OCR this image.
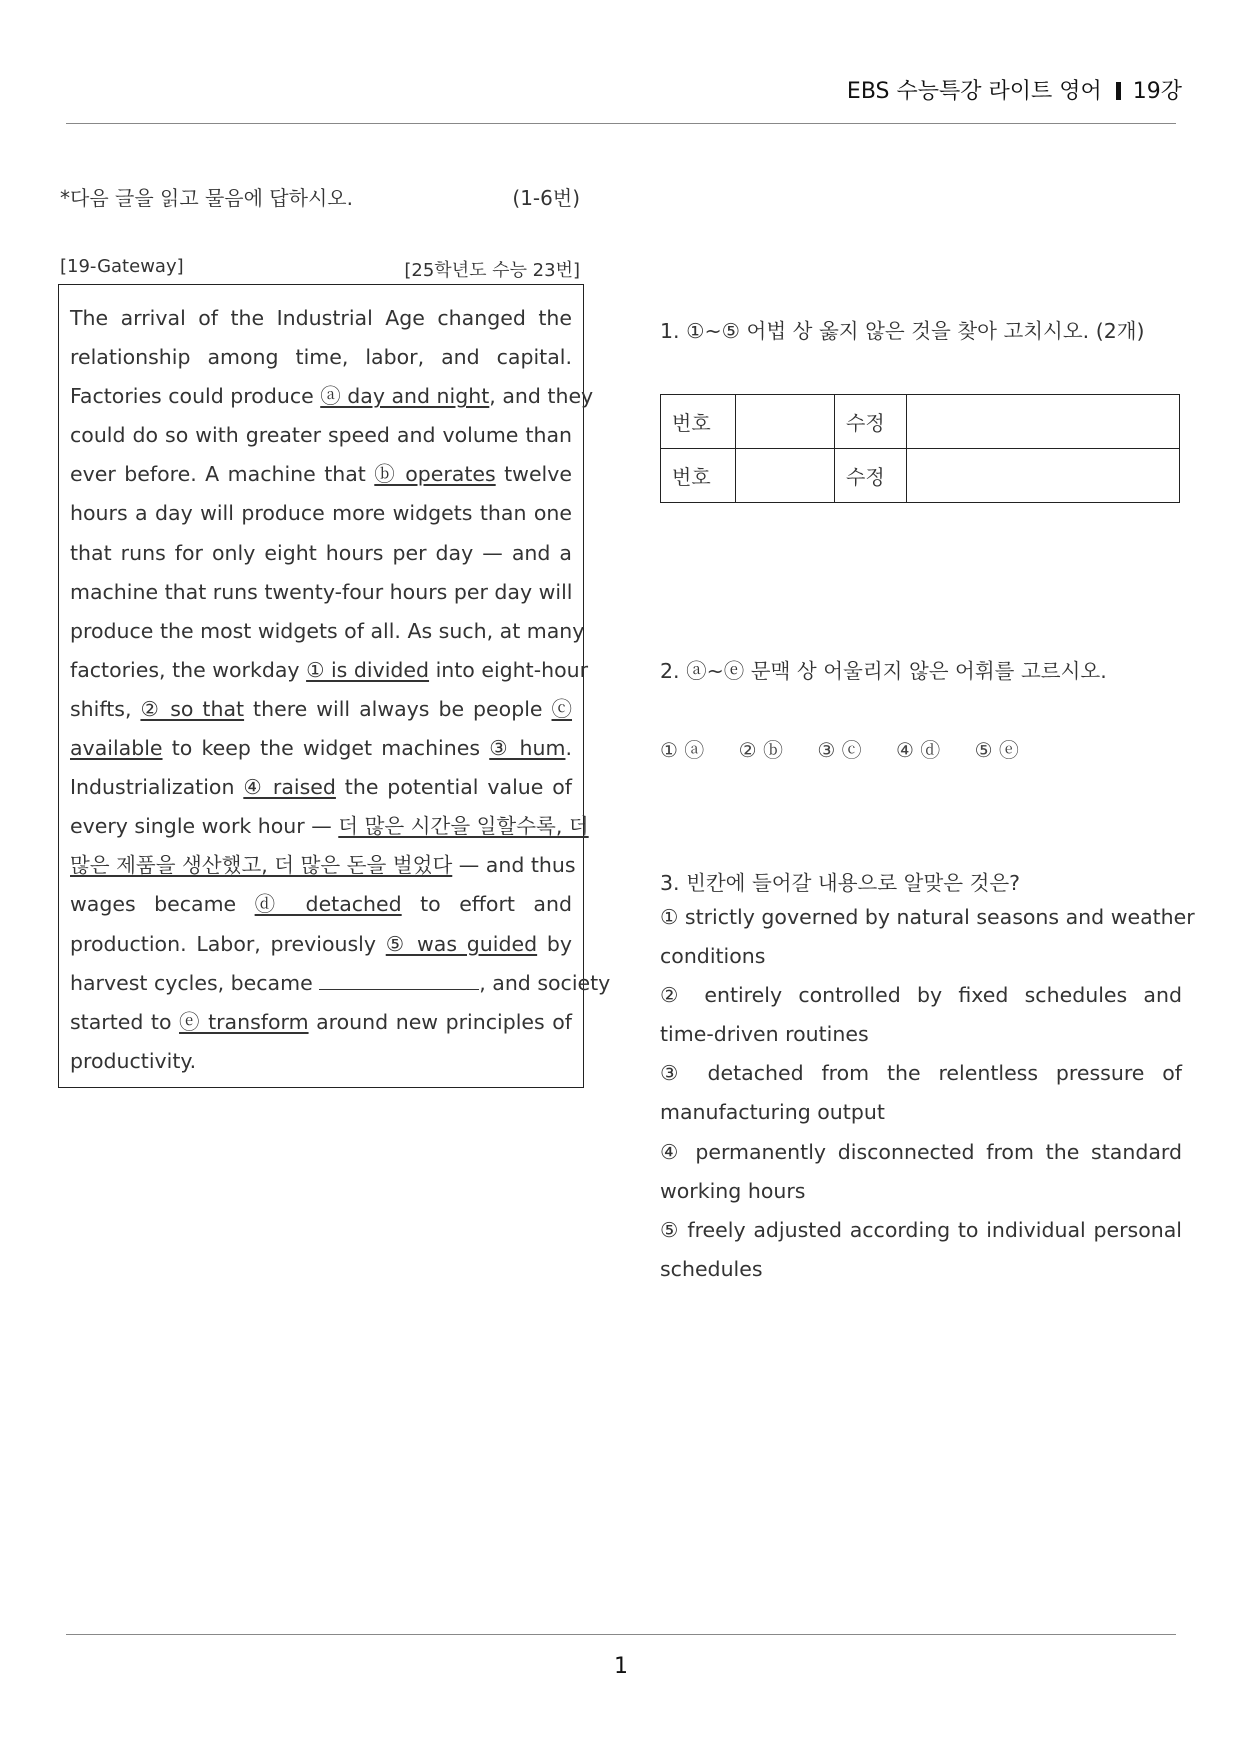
EBS 수능특강 라이트 영어 19강
*다음 글을 읽고 물음에 답하시오.	(1-6번)
[19-Gateway]	[25학년도 수능 23번]
The arrival of the Industrial Age changed the
relationship among time, labor, and capital.
Factories could produce ⓐ day and night, and they
could do so with greater speed and volume than
ever before. A machine that ⓑ operates twelve
hours a day will produce more widgets than one
that runs for only eight hours per day — and a
machine that runs twenty-four hours per day will
produce the most widgets of all. As such, at many
factories, the workday ① is divided into eight-hour
shifts, ② so that there will always be people ⓒ
available to keep the widget machines ③ hum.
Industrialization ④ raised the potential value of
every single work hour — 더 많은 시간을 일할수록, 더
많은 제품을 생산했고, 더 많은 돈을 벌었다 — and thus
wages became ⓓ detached to effort and
production. Labor, previously ⑤ was guided by
harvest cycles, became	, and society
started to ⓔ transform around new principles of
productivity.
1. ①~⑤ 어법 상 옳지 않은 것을 찾아 고치시오. (2개)
번호		수정	
번호		수정	
2. ⓐ~ⓔ 문맥 상 어울리지 않은 어휘를 고르시오.
① ⓐ ② ⓑ ③ ⓒ ④ ⓓ ⑤ ⓔ
3. 빈칸에 들어갈 내용으로 알맞은 것은?
① strictly governed by natural seasons and weather
conditions
② entirely controlled by fixed schedules and
time-driven routines
③ detached from the relentless pressure of
manufacturing output
④ permanently disconnected from the standard
working hours
⑤ freely adjusted according to individual personal
schedules
1
